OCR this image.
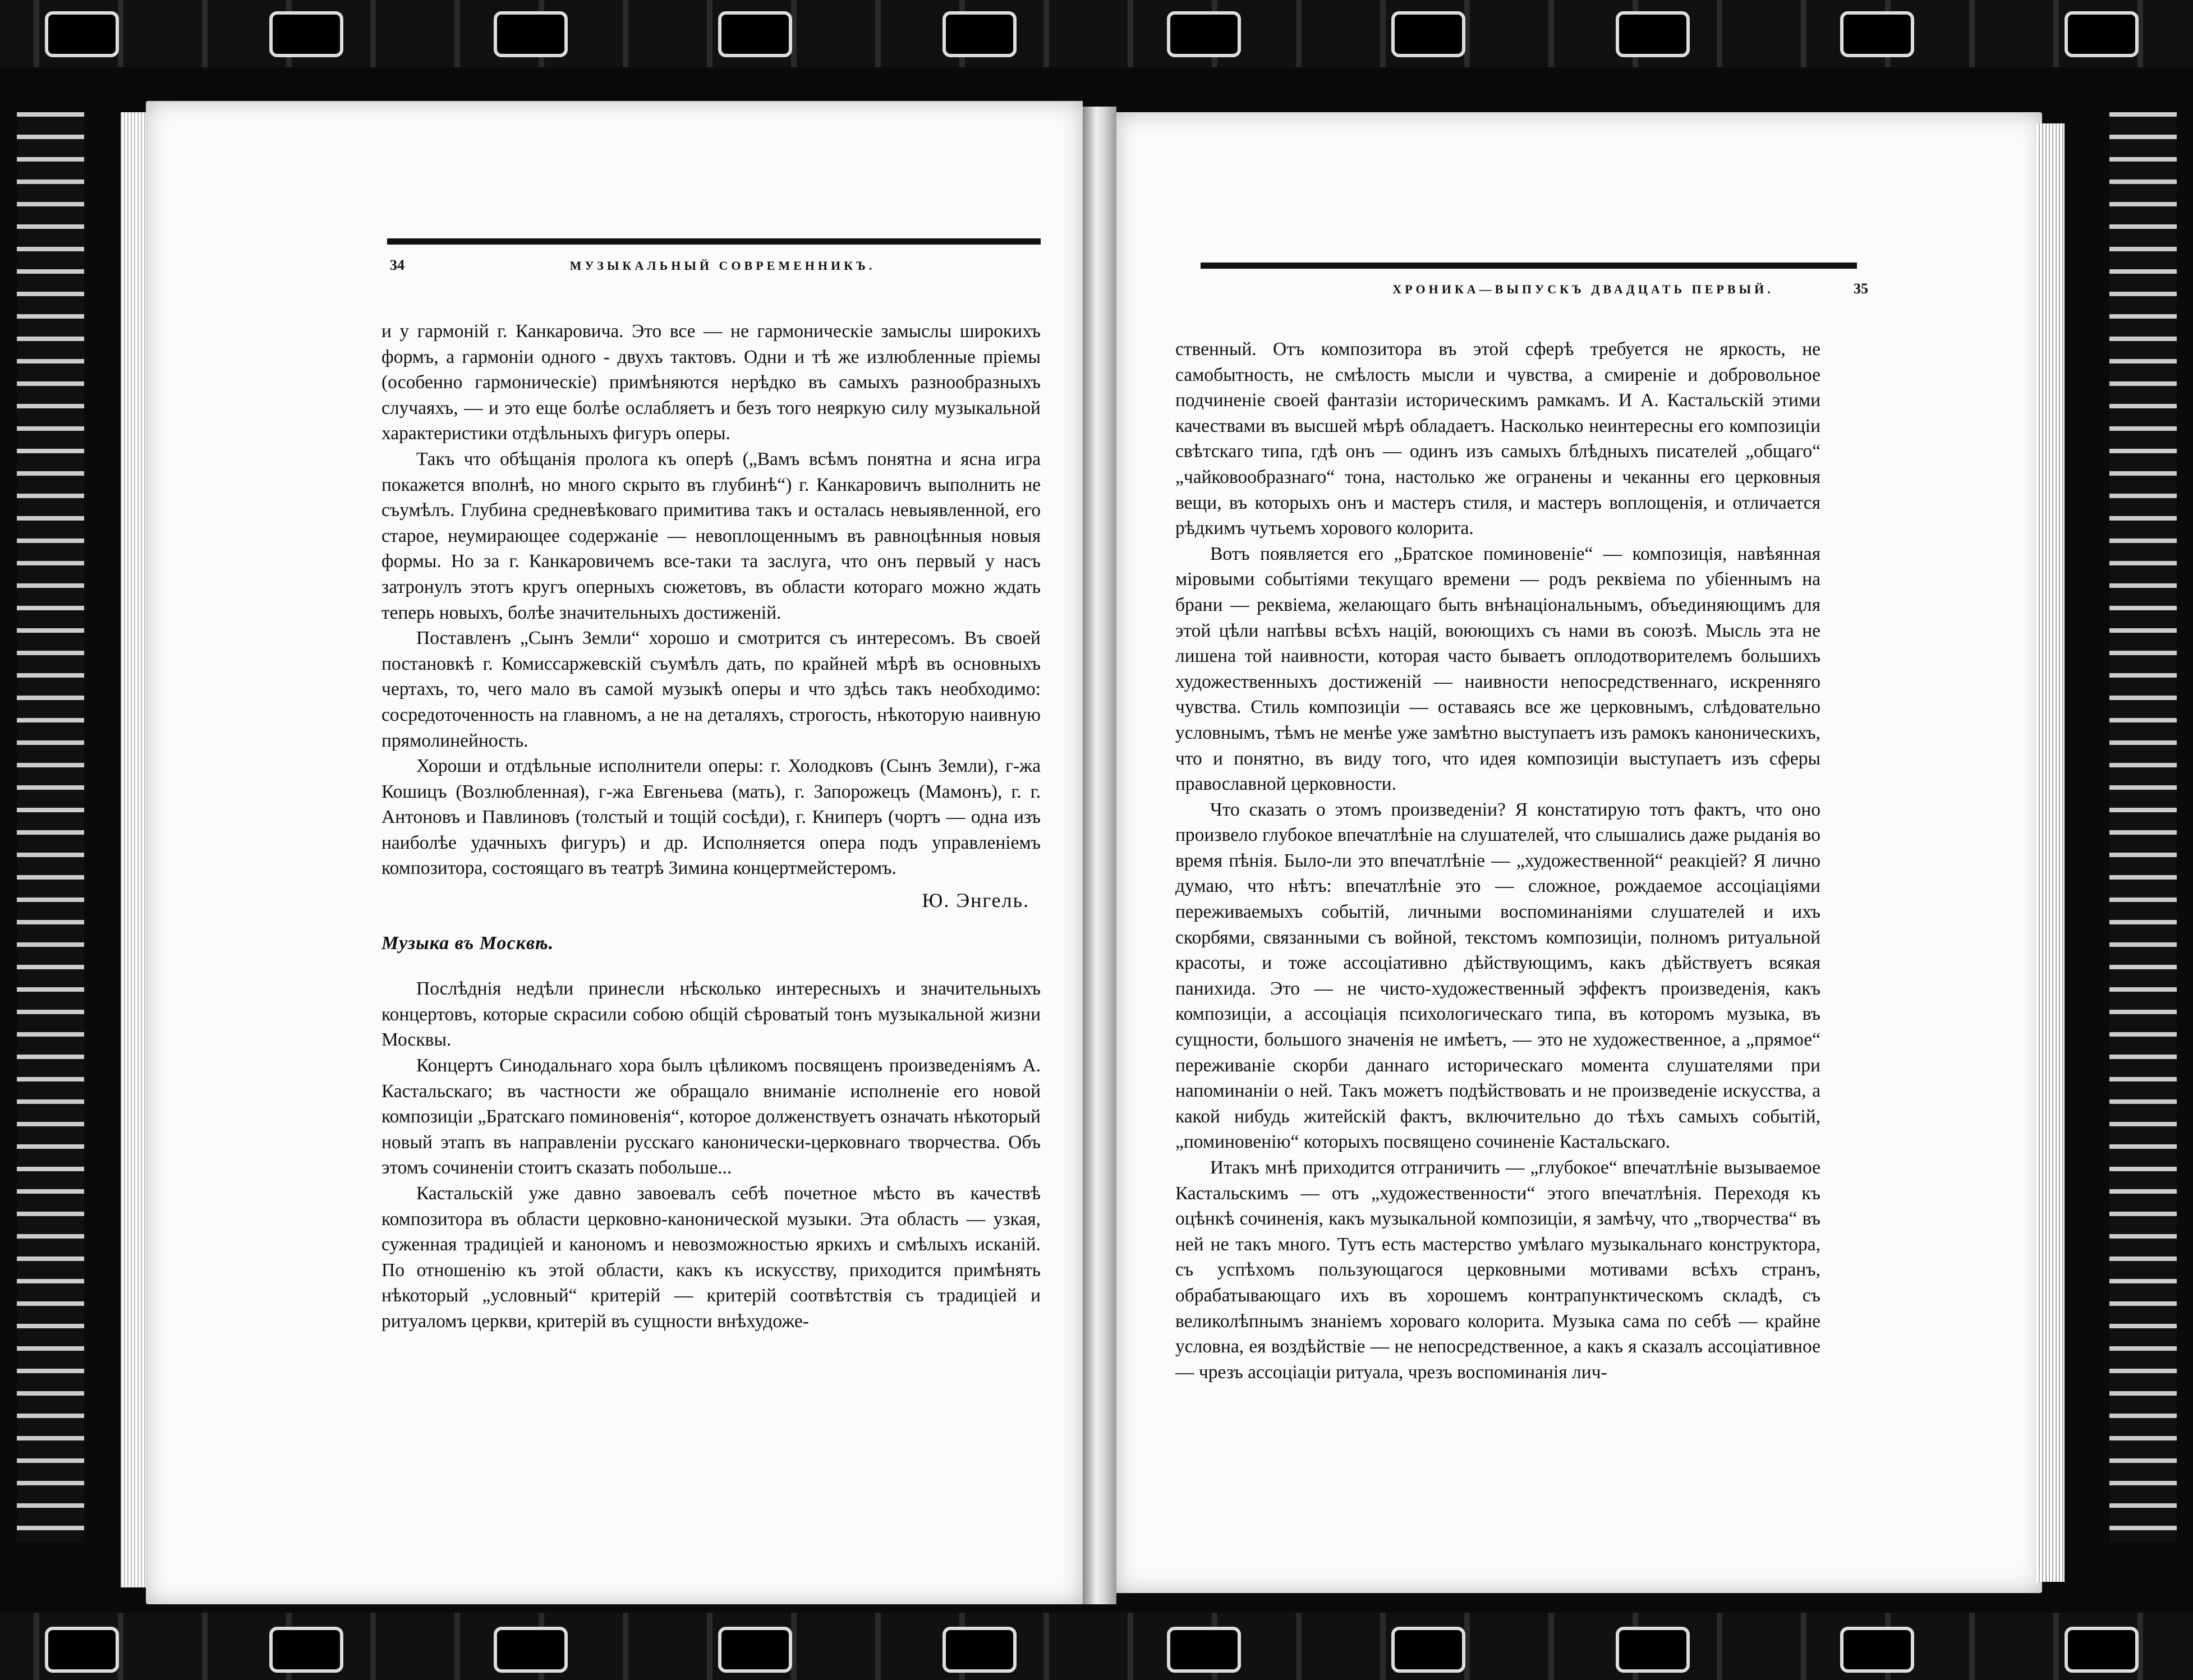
34	МУЗЫКАЛЬНЫЙ СОВРЕМЕННИКЪ.

и у гармоній г. Канкаровича. Это все — не гармоническіе замыслы широкихъ формъ, а гармоніи одного - двухъ тактовъ. Одни и тѣ же излюбленные пріемы (особенно гармоническіе) примѣняются нерѣдко въ самыхъ разнообразныхъ случаяхъ, — и это еще болѣе ослабляетъ и безъ того неяркую силу музыкальной характеристики отдѣльныхъ фигуръ оперы.

Такъ что обѣщанія пролога къ оперѣ („Вамъ всѣмъ понятна и ясна игра покажется вполнѣ, но много скрыто въ глубинѣ“) г. Канкаровичъ выполнить не съумѣлъ. Глубина средневѣковаго примитива такъ и осталась невыявленной, его старое, неумирающее содержаніе — невоплощеннымъ въ равноцѣнныя новыя формы. Но за г. Канкаровичемъ все-таки та заслуга, что онъ первый у насъ затронулъ этотъ кругъ оперныхъ сюжетовъ, въ области котораго можно ждать теперь новыхъ, болѣе значительныхъ достиженій.

Поставленъ „Сынъ Земли“ хорошо и смотрится съ интересомъ. Въ своей постановкѣ г. Комиссаржевскій съумѣлъ дать, по крайней мѣрѣ въ основныхъ чертахъ, то, чего мало въ самой музыкѣ оперы и что здѣсь такъ необходимо: сосредоточенность на главномъ, а не на деталяхъ, строгость, нѣкоторую наивную прямолинейность.

Хороши и отдѣльные исполнители оперы: г. Холодковъ (Сынъ Земли), г-жа Кошицъ (Возлюбленная), г-жа Евгеньева (мать), г. Запорожецъ (Мамонъ), г. г. Антоновъ и Павлиновъ (толстый и тощій сосѣди), г. Книперъ (чортъ — одна изъ наиболѣе удачныхъ фигуръ) и др. Исполняется опера подъ управленіемъ композитора, состоящаго въ театрѣ Зимина концертмейстеромъ.

Ю. Энгель.
Музыка въ Москвѣ.

Послѣднія недѣли принесли нѣсколько интересныхъ и значительныхъ концертовъ, которые скрасили собою общій сѣроватый тонъ музыкальной жизни Москвы.

Концертъ Синодальнаго хора былъ цѣликомъ посвященъ произведеніямъ А. Кастальскаго; въ частности же обращало вниманіе исполненіе его новой композиціи „Братскаго поминовенія“, которое долженствуетъ означать нѣкоторый новый этапъ въ направленіи русскаго канонически-церковнаго творчества. Объ этомъ сочиненіи стоитъ сказать побольше...

Кастальскій уже давно завоевалъ себѣ почетное мѣсто въ качествѣ композитора въ области церковно-канонической музыки. Эта область — узкая, суженная традиціей и канономъ и невозможностью яркихъ и смѣлыхъ исканій. По отношенію къ этой области, какъ къ искусству, приходится примѣнять нѣкоторый „условный“ критерій — критерій соотвѣтствія съ традиціей и ритуаломъ церкви, критерій въ сущности внѣхудоже-

ХРОНИКА—ВЫПУСКЪ ДВАДЦАТЬ ПЕРВЫЙ.	35

ственный. Отъ композитора въ этой сферѣ требуется не яркость, не самобытность, не смѣлость мысли и чувства, а смиреніе и добровольное подчиненіе своей фантазіи историческимъ рамкамъ. И А. Кастальскій этими качествами въ высшей мѣрѣ обладаетъ. Насколько неинтересны его композиціи свѣтскаго типа, гдѣ онъ — одинъ изъ самыхъ блѣдныхъ писателей „общаго“ „чайковообразнаго“ тона, настолько же огранены и чеканны его церковныя вещи, въ которыхъ онъ и мастеръ стиля, и мастеръ воплощенія, и отличается рѣдкимъ чутьемъ хорового колорита.

Вотъ появляется его „Братское поминовеніе“ — композиція, навѣянная міровыми событіями текущаго времени — родъ реквіема по убіеннымъ на брани — реквіема, желающаго быть внѣнаціональнымъ, объединяющимъ для этой цѣли напѣвы всѣхъ націй, воюющихъ съ нами въ союзѣ. Мысль эта не лишена той наивности, которая часто бываетъ оплодотворителемъ большихъ художественныхъ достиженій — наивности непосредственнаго, искренняго чувства. Стиль композиціи — оставаясь все же церковнымъ, слѣдовательно условнымъ, тѣмъ не менѣе уже замѣтно выступаетъ изъ рамокъ каноническихъ, что и понятно, въ виду того, что идея композиціи выступаетъ изъ сферы православной церковности.

Что сказать о этомъ произведеніи? Я констатирую тотъ фактъ, что оно произвело глубокое впечатлѣніе на слушателей, что слышались даже рыданія во время пѣнія. Было-ли это впечатлѣніе — „художественной“ реакціей? Я лично думаю, что нѣтъ: впечатлѣніе это — сложное, рождаемое ассоціаціями переживаемыхъ событій, личными воспоминаніями слушателей и ихъ скорбями, связанными съ войной, текстомъ композиціи, полномъ ритуальной красоты, и тоже ассоціативно дѣйствующимъ, какъ дѣйствуетъ всякая панихида. Это — не чисто-художественный эффектъ произведенія, какъ композиціи, а ассоціація психологическаго типа, въ которомъ музыка, въ сущности, большого значенія не имѣетъ, — это не художественное, а „прямое“ переживаніе скорби даннаго историческаго момента слушателями при напоминаніи о ней. Такъ можетъ подѣйствовать и не произведеніе искусства, а какой нибудь житейскій фактъ, включительно до тѣхъ самыхъ событій, „поминовенію“ которыхъ посвящено сочиненіе Кастальскаго.

Итакъ мнѣ приходится отграничить — „глубокое“ впечатлѣніе вызываемое Кастальскимъ — отъ „художественности“ этого впечатлѣнія. Переходя къ оцѣнкѣ сочиненія, какъ музыкальной композиціи, я замѣчу, что „творчества“ въ ней не такъ много. Тутъ есть мастерство умѣлаго музыкальнаго конструктора, съ успѣхомъ пользующагося церковными мотивами всѣхъ странъ, обрабатывающаго ихъ въ хорошемъ контрапунктическомъ складѣ, съ великолѣпнымъ знаніемъ хороваго колорита. Музыка сама по себѣ — крайне условна, ея воздѣйствіе — не непосредственное, а какъ я сказалъ ассоціативное — чрезъ ассоціаціи ритуала, чрезъ воспоминанія лич-
